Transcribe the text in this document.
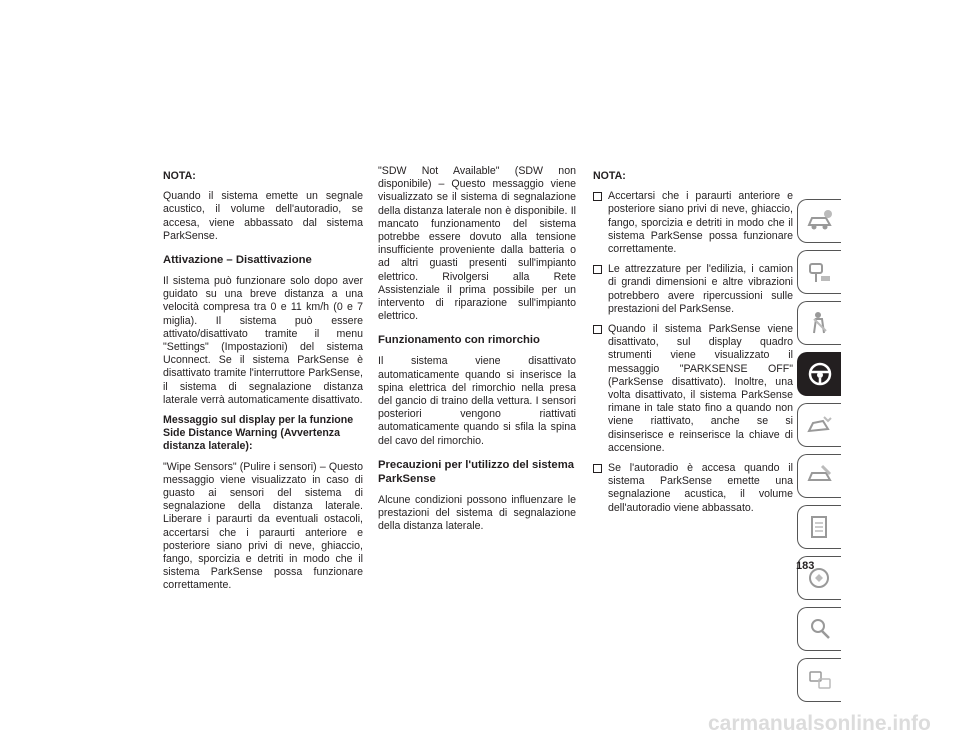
NOTA:

Quando il sistema emette un segnale acustico, il volume dell'autoradio, se accesa, viene abbassato dal sistema ParkSense.

Attivazione – Disattivazione

Il sistema può funzionare solo dopo aver guidato su una breve distanza a una velocità compresa tra 0 e 11 km/h (0 e 7 miglia). Il sistema può essere attivato/disattivato tramite il menu "Settings" (Impostazioni) del sistema Uconnect. Se il sistema ParkSense è disattivato tramite l'interruttore ParkSense, il sistema di segnalazione distanza laterale verrà automaticamente disattivato.

Messaggio sul display per la funzione Side Distance Warning (Avvertenza distanza laterale):

"Wipe Sensors" (Pulire i sensori) – Questo messaggio viene visualizzato in caso di guasto ai sensori del sistema di segnalazione della distanza laterale. Liberare i paraurti da eventuali ostacoli, accertarsi che i paraurti anteriore e posteriore siano privi di neve, ghiaccio, fango, sporcizia e detriti in modo che il sistema ParkSense possa funzionare correttamente.

"SDW Not Available" (SDW non disponibile) – Questo messaggio viene visualizzato se il sistema di segnalazione della distanza laterale non è disponibile. Il mancato funzionamento del sistema potrebbe essere dovuto alla tensione insufficiente proveniente dalla batteria o ad altri guasti presenti sull'impianto elettrico. Rivolgersi alla Rete Assistenziale il prima possibile per un intervento di riparazione sull'impianto elettrico.

Funzionamento con rimorchio

Il sistema viene disattivato automaticamente quando si inserisce la spina elettrica del rimorchio nella presa del gancio di traino della vettura. I sensori posteriori vengono riattivati automaticamente quando si sfila la spina del cavo del rimorchio.

Precauzioni per l'utilizzo del sistema ParkSense

Alcune condizioni possono influenzare le prestazioni del sistema di segnalazione della distanza laterale.

NOTA:

Accertarsi che i paraurti anteriore e posteriore siano privi di neve, ghiaccio, fango, sporcizia e detriti in modo che il sistema ParkSense possa funzionare correttamente.
Le attrezzature per l'edilizia, i camion di grandi dimensioni e altre vibrazioni potrebbero avere ripercussioni sulle prestazioni del ParkSense.
Quando il sistema ParkSense viene disattivato, sul display quadro strumenti viene visualizzato il messaggio "PARKSENSE OFF" (ParkSense disattivato). Inoltre, una volta disattivato, il sistema ParkSense rimane in tale stato fino a quando non viene riattivato, anche se si disinserisce e reinserisce la chiave di accensione.
Se l'autoradio è accesa quando il sistema ParkSense emette una segnalazione acustica, il volume dell'autoradio viene abbassato.
183
carmanualsonline.info
